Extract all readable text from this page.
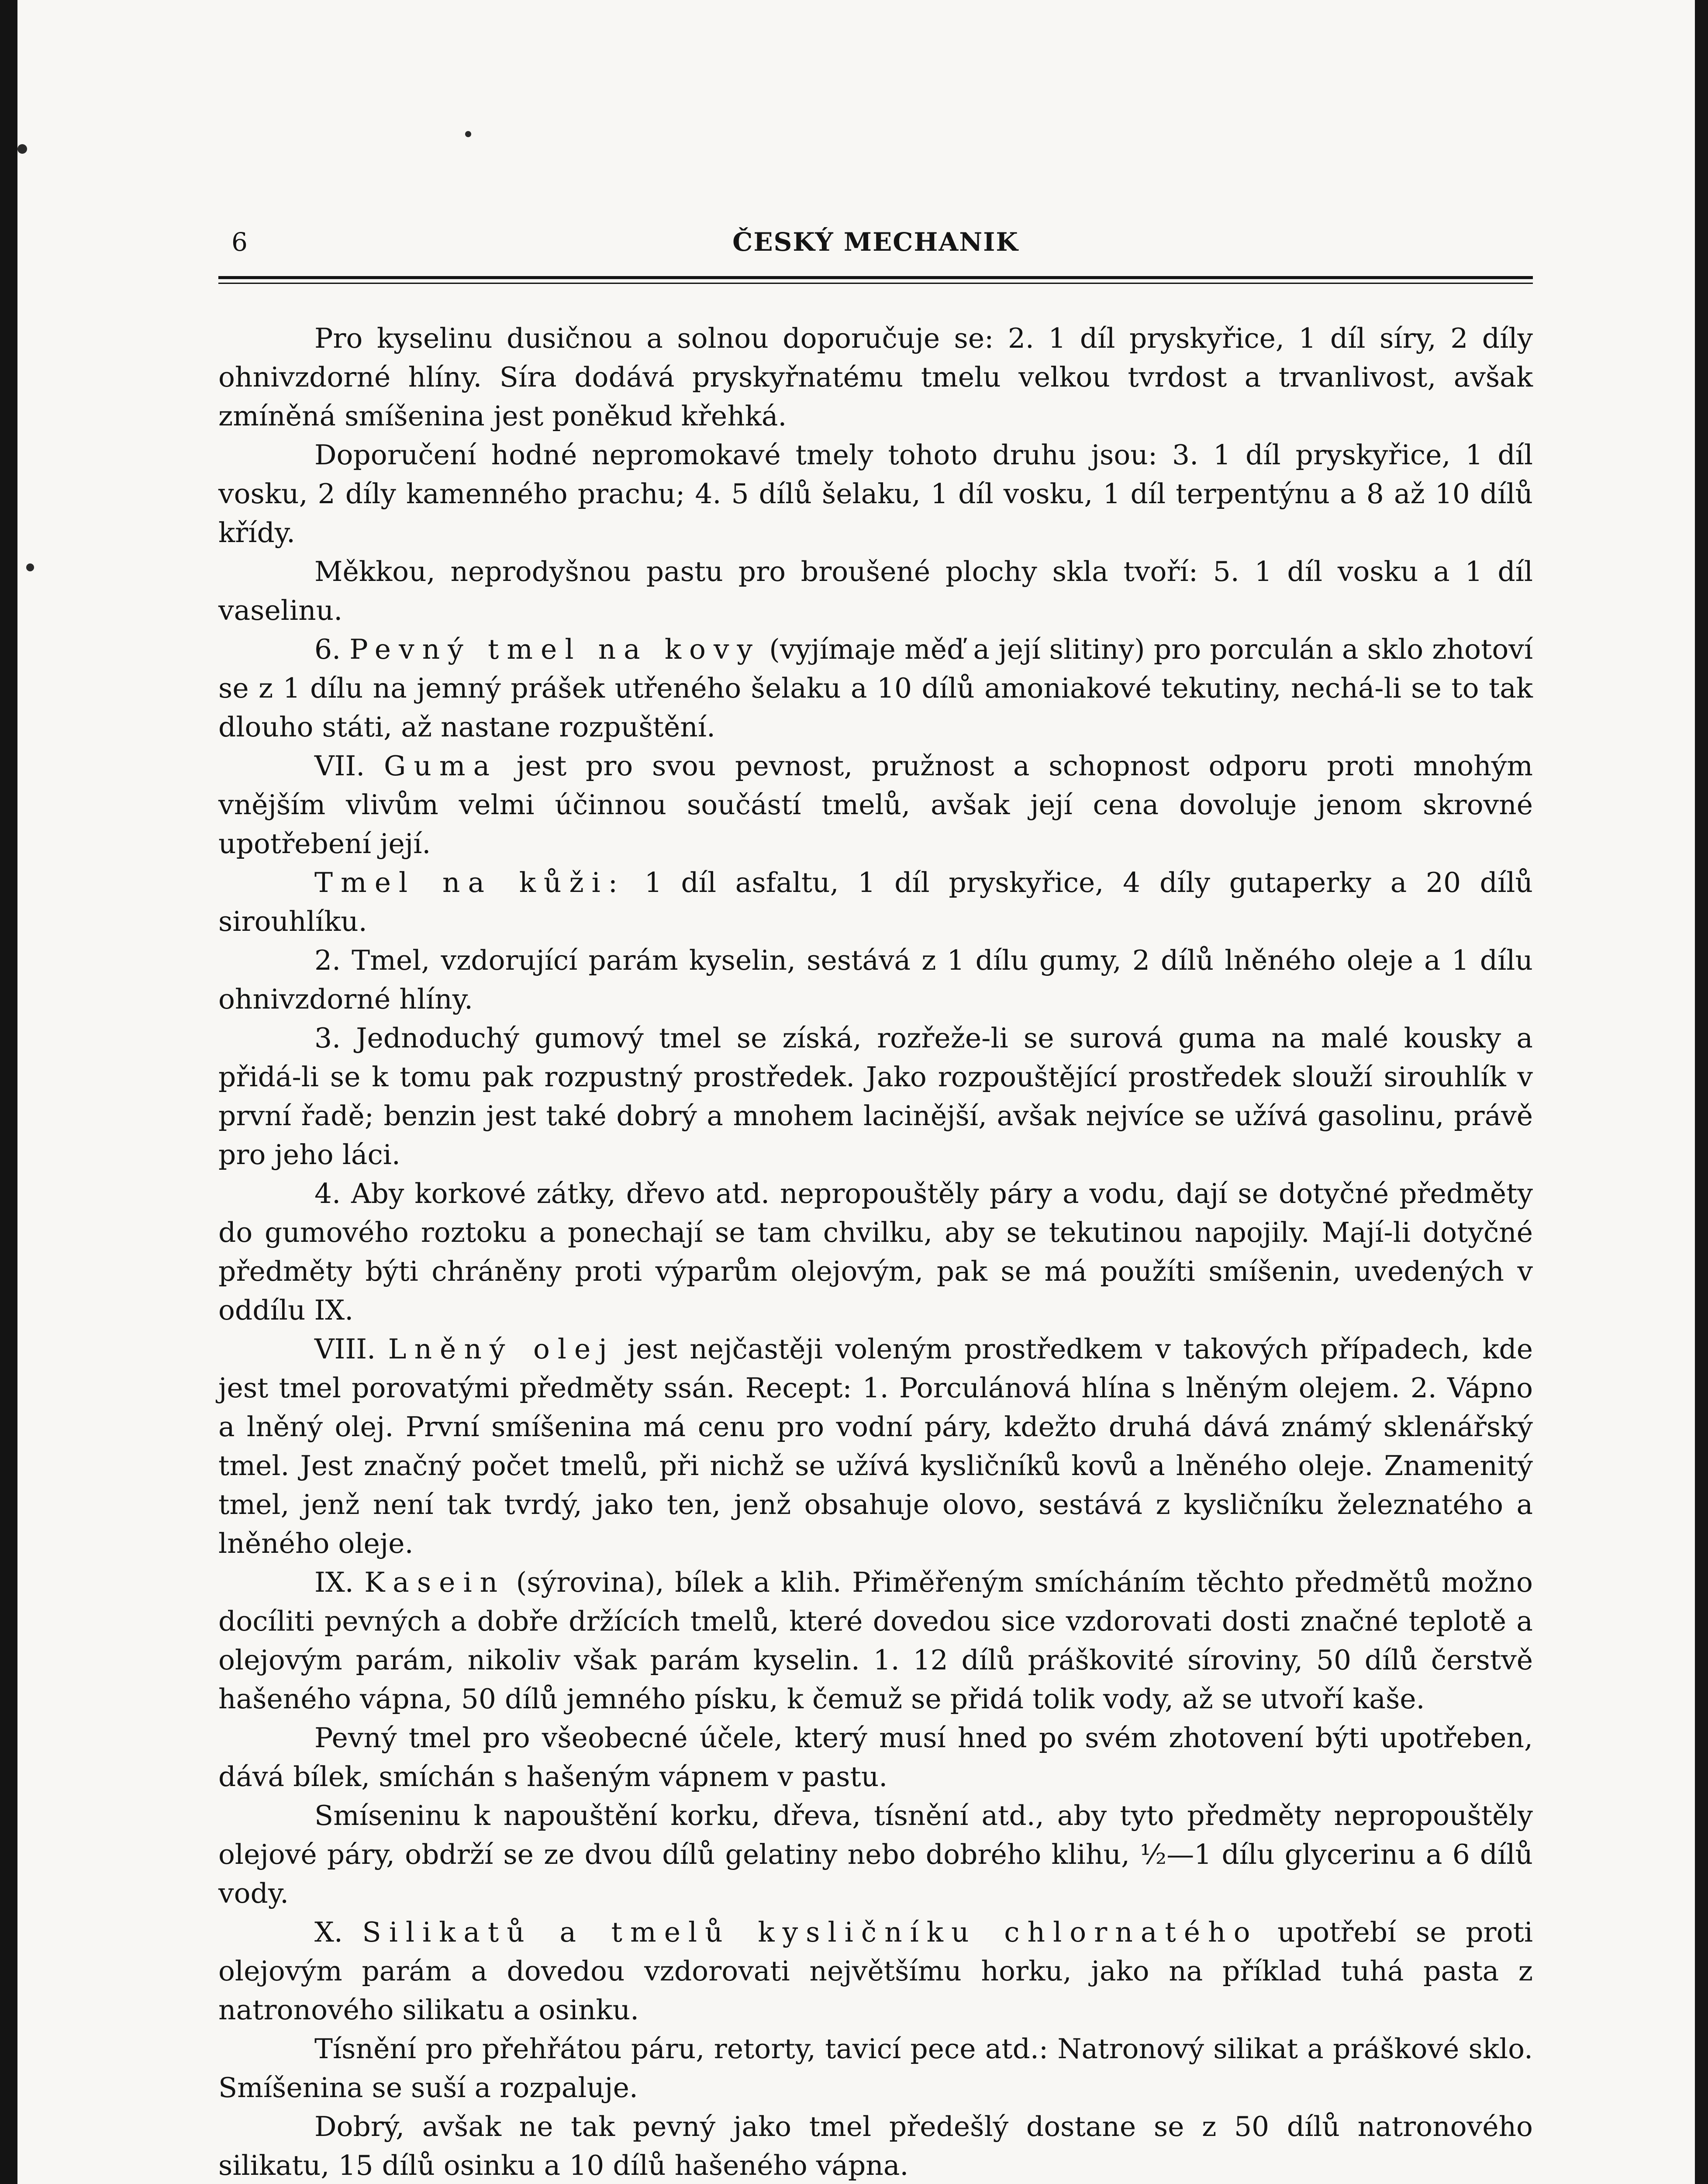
6	ČESKÝ MECHANIK

Pro kyselinu dusičnou a solnou doporučuje se: 2. 1 díl pryskyřice, 1 díl síry, 2 díly ohnivzdorné hlíny. Síra dodává pryskyřnatému tmelu velkou tvrdost a trvanlivost, avšak zmíněná smíšenina jest poněkud křehká.

Doporučení hodné nepromokavé tmely tohoto druhu jsou: 3. 1 díl pryskyřice, 1 díl vosku, 2 díly kamenného prachu; 4. 5 dílů šelaku, 1 díl vosku, 1 díl terpentýnu a 8 až 10 dílů křídy.

Měkkou, neprodyšnou pastu pro broušené plochy skla tvoří: 5. 1 díl vosku a 1 díl vaselinu.

6. Pevný tmel na kovy (vyjímaje měď a její slitiny) pro porculán a sklo zhotoví se z 1 dílu na jemný prášek utřeného šelaku a 10 dílů amoniakové tekutiny, nechá-li se to tak dlouho státi, až nastane rozpuštění.

VII. Guma jest pro svou pevnost, pružnost a schopnost odporu proti mnohým vnějším vlivům velmi účinnou součástí tmelů, avšak její cena dovoluje jenom skrovné upotřebení její.

Tmel na kůži: 1 díl asfaltu, 1 díl pryskyřice, 4 díly gutaperky a 20 dílů sirouhlíku.

2. Tmel, vzdorující parám kyselin, sestává z 1 dílu gumy, 2 dílů lněného oleje a 1 dílu ohnivzdorné hlíny.

3. Jednoduchý gumový tmel se získá, rozřeže-li se surová guma na malé kousky a přidá-li se k tomu pak rozpustný prostředek. Jako rozpouštějící prostředek slouží sirouhlík v první řadě; benzin jest také dobrý a mnohem lacinější, avšak nejvíce se užívá gasolinu, právě pro jeho láci.

4. Aby korkové zátky, dřevo atd. nepropouštěly páry a vodu, dají se dotyčné předměty do gumového roztoku a ponechají se tam chvilku, aby se tekutinou napojily. Mají-li dotyčné předměty býti chráněny proti výparům olejovým, pak se má použíti smíšenin, uvedených v oddílu IX.

VIII. Lněný olej jest nejčastěji voleným prostředkem v takových případech, kde jest tmel porovatými předměty ssán. Recept: 1. Porculánová hlína s lněným olejem. 2. Vápno a lněný olej. První smíšenina má cenu pro vodní páry, kdežto druhá dává známý sklenářský tmel. Jest značný počet tmelů, při nichž se užívá kysličníků kovů a lněného oleje. Znamenitý tmel, jenž není tak tvrdý, jako ten, jenž obsahuje olovo, sestává z kysličníku železnatého a lněného oleje.

IX. Kasein (sýrovina), bílek a klih. Přiměřeným smícháním těchto předmětů možno docíliti pevných a dobře držících tmelů, které dovedou sice vzdorovati dosti značné teplotě a olejovým parám, nikoliv však parám kyselin. 1. 12 dílů práškovité síroviny, 50 dílů čerstvě hašeného vápna, 50 dílů jemného písku, k čemuž se přidá tolik vody, až se utvoří kaše.

Pevný tmel pro všeobecné účele, který musí hned po svém zhotovení býti upotřeben, dává bílek, smíchán s hašeným vápnem v pastu.

Smíseninu k napouštění korku, dřeva, tísnění atd., aby tyto předměty nepropouštěly olejové páry, obdrží se ze dvou dílů gelatiny nebo dobrého klihu, ½—1 dílu glycerinu a 6 dílů vody.

X. Silikatů a tmelů kysličníku chlornatého upotřebí se proti olejovým parám a dovedou vzdorovati největšímu horku, jako na příklad tuhá pasta z natronového silikatu a osinku.

Tísnění pro přehřátou páru, retorty, tavicí pece atd.: Natronový silikat a práškové sklo. Smíšenina se suší a rozpaluje.

Dobrý, avšak ne tak pevný jako tmel předešlý dostane se z 50 dílů natronového silikatu, 15 dílů osinku a 10 dílů hašeného vápna.
